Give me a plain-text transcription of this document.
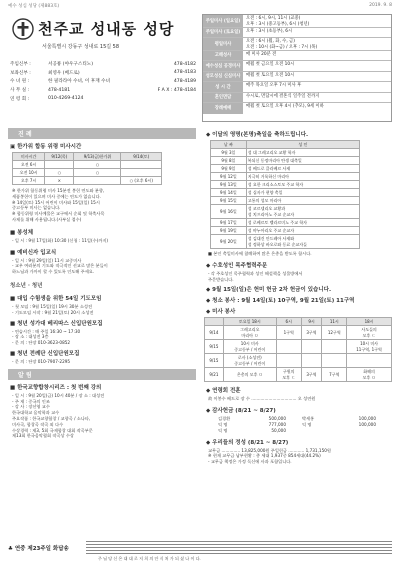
예수 성심 성당 (제883호)	2019. 9. 8
천주교 성내동 성당
서울특별시 강동구 성내로 15길 58
주임신부 :	서공룡 (야우구스티노)	478-4182
보좌신부 :	최영우 (베드로)	478-4183
수 녀 원 :	한 필라라아 수녀, 이 후재 수녀	478-4189
사 무 실 :	478-4181	F A X : 478-4184
연 령 회 :	010-4269-4124
주일미사 (일요일)
오전 : 6시, 9시, 11시 (교중)
오후 : 3시 (중고등부), 6시 (청년)
주일미사 (토요일)	오후 : 3시 (초등부), 6시
평일미사
오전 : 6시 (월, 화, 수, 금)
오전 : 10시 (화~금) / 오후 : 7시 (목)
고해성사	매 미사 20분 전
예수성심 공경미사	매월 첫 금요일 오전 10시
성모성심 신심미사	매월 첫 토요일 오전 10시
성 시 간	매주 목요일 오후 7시 미사 후
혼인면담	수시로, 면담시에 결혼식 일주일 전까지
장례예배	매월 첫 토요일 오후 4시 (추모), 9세 이하
진 례
▣ 한가위 합동 위령 미사시간
미사시간	9/12(목)	9/13(금)한가위	9/14(토)
오전 6시		○	
오전 10시	○	○	
오후 7시	×		○ (오후 6시)
※ 한가위 합동위령 미사 15분전 봉헌 연도와 분향,
세품봉헌이 있으며 미사 중에는 연도가 없습니다.
※ 14일(토) 15시 어린이 미사와 15일(일) 15시
중고등부 미사는 없습니다.
※ 합동위령 미사예물은 교구에서 순회 및 학축사목
사제를 위해 사용됩니다.(사부실 접수)
■ 봉성체
- 일 시 : 9월 17일(화) 10:30 (신청 : 11일(수)까지)
■ 예비신자 입교식
- 일 시 : 9월 29일(일) 11시 교중미사
- 교우 여러분의 기도와 적극적인 선교로 많은 분들이
하느님과 가까이 할 수 있도록 인도해 주세요.
청소년 · 청년
■ 대입 수험생을 위한 54일 기도모임
- 첫 모임 : 9월 15일(일) 19시 30분 소성전
- 기도모임 시작 : 9월 21일(토) 20시 소성전
■ 청년 성가대 베리따스 신입단원모집
- 연습시간 : 매 주일 16:30 ~ 17:30
- 장 소 : 대성전 3층
- 문 의 : 단장 010-3623-0852
■ 청년 전례단 신입단원모집
- 문 의 : 단장 010-7907-2295
알 림
■ 한국교향합창시리즈 : 첫 번째 강의
- 일 시 : 9월 20일(금) 10시 40분 / 장 소 : 대성전
- 주 제 : 중국의 인조
- 강 사 : 장선영 교수
한국대학교 음악학과 교수
주요작품 : 한국교향합창 / 교향곡 / 소나타,
미사곡, 합창곡 작곡 외 다수
수상경력 : 제3, 5회 국제합창 대회 작곡부문
제13회 한국음악협회 작곡상 수상
◆ 이달의 영명(본명)축일을 축하드립니다.
날 짜	성 인
9월 3일	성 대 그레고리오 교황 학자
9월 8일	복되신 동정마리아 탄생 대축일
9월 9일	성 베드로 클라베르 사제
9월 12일	지극히 거룩하신 마리아
9월 13일	성 요한 크리소스토모 주교 학자
9월 14일	성 십자가 현양 축일
9월 15일	고통의 성모 마리아
9월 16일	성 코르넬리오 교황과
성 치프리아노 주교 순교자
9월 17일	성 로베르토 벨라르미노 주교 학자
9월 19일	성 야누아리오 주교 순교자
9월 20일	성 김대건 안드레아 사제와
성 정하상 바오로와 동료 순교자들
■ 본인 축일미사에 참례하여 많은 은총을 받도록 합시다.
◆ 수호성인 목주협력주문
- 각 주호성인 목주협력과 성인 해설책을 성물방에서
주문받습니다.
◆ 9월 15일(일)은 헌미 헌금 2차 헌금이 있습니다.
◆ 청소 봉사 : 9월 14일(토) 10구역, 9월 21일(토) 11구역
◆ 미사 봉사
	토요일 18시	6시	9시	11시	18시
9/14	그레고리오
마리아 ㅁ	1구역	3구역	12구역	사도들의
모후 ㄷ
9/15	10시 미사
중고등부 / 어린이				10시 미사
11구역, 1구역
9/15	로사 (소성전)
중고등부 / 어린이				
9/21	은총의 모후 ㅁ	구원의
모후 ㄷ	3구역	7구역	화해의
모후 ㅁ
◆ 연령회 전훈
故 이봉수 베드로 장 수 .................................. 오 성연원
◆ 감사헌금 (8/21 ~ 8/27)
김경환	500,000	박세홍	100,000
익 명	777,000	익 명	100,000
익 명	50,000
◆ 우리들의 정성 (8/21 ~ 8/27)
교무금 .............. 13,825,000원 주일헌금 ............ 1,731,150원
※ 현재 교무금 납부현황 : 총 세대 1,937중 854세대(44.2%)
- 교무금 책정은 가정 독신에 사과 포함입니다.
♣ 연중 제23주일 화답송
주 님 당 신 은 대 대 로 저 희 의 안 식 처 가 되 셨 나 이 다.
